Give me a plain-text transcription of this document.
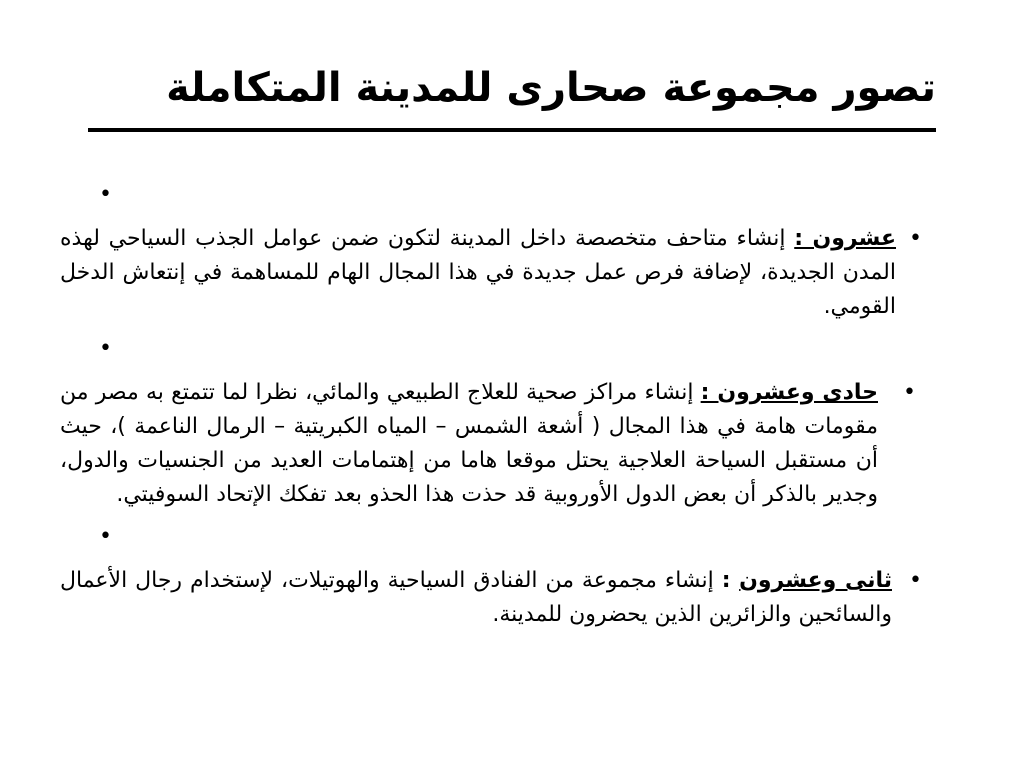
تصور مجموعة صحارى للمدينة المتكاملة
•
•
عشرون : إنشاء متاحف متخصصة داخل المدينة لتكون ضمن عوامل الجذب السياحي لهذه المدن الجديدة، لإضافة فرص عمل جديدة في هذا المجال الهام للمساهمة في إنتعاش الدخل القومي.
•
•
حادى وعشرون : إنشاء مراكز صحية للعلاج الطبيعي والمائي، نظرا لما تتمتع به مصر من مقومات هامة في هذا المجال ( أشعة الشمس – المياه الكبريتية – الرمال الناعمة )، حيث أن مستقبل السياحة العلاجية يحتل موقعا هاما من إهتمامات العديد من الجنسيات والدول، وجدير بالذكر أن بعض الدول الأوروبية قد حذت هذا الحذو بعد تفكك الإتحاد السوفيتي.
•
•
ثانى وعشرون : إنشاء مجموعة من الفنادق السياحية والهوتيلات، لإستخدام رجال الأعمال والسائحين والزائرين الذين يحضرون للمدينة.
